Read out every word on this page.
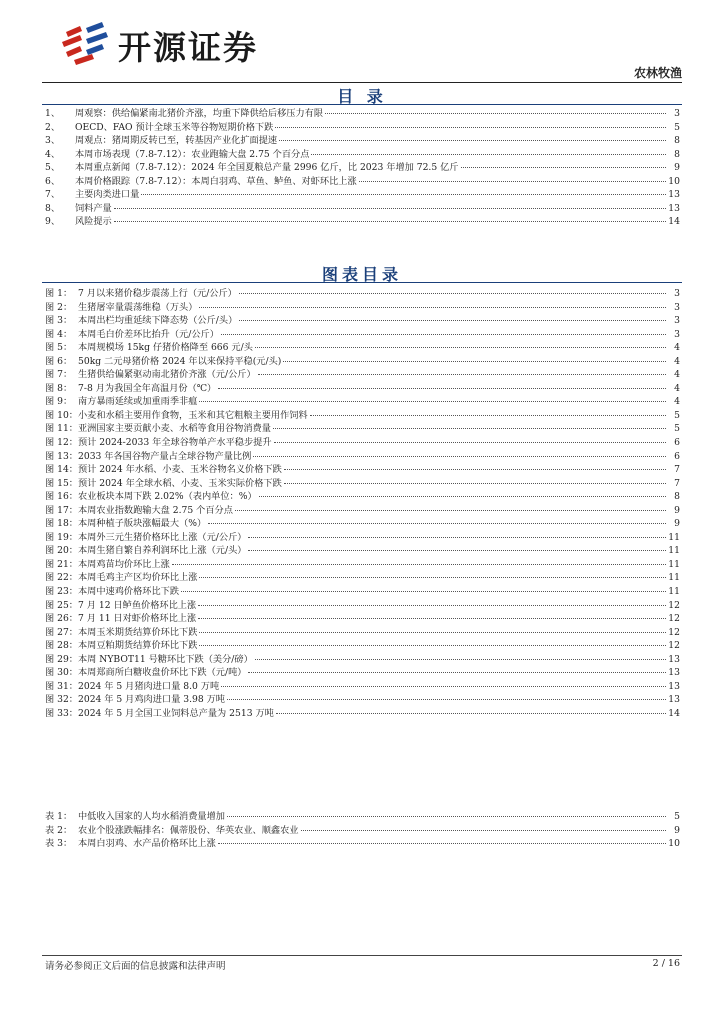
开源证券
农林牧渔
目 录
1、	周观察：供给偏紧南北猪价齐涨，均重下降供给后移压力有限	3
2、	OECD、FAO 预计全球玉米等谷物短期价格下跌	5
3、	周观点：猪周期反转已至，转基因产业化扩面提速	8
4、	本周市场表现（7.8-7.12）：农业跑输大盘 2.75 个百分点	8
5、	本周重点新闻（7.8-7.12）：2024 年全国夏粮总产量 2996 亿斤，比 2023 年增加 72.5 亿斤	9
6、	本周价格跟踪（7.8-7.12）：本周白羽鸡、草鱼、鲈鱼、对虾环比上涨	10
7、	主要肉类进口量	13
8、	饲料产量	13
9、	风险提示	14
图表目录
图 1： 7 月以来猪价稳步震荡上行（元/公斤）	3
图 2： 生猪屠宰量震荡维稳（万头）	3
图 3： 本周出栏均重延续下降态势（公斤/头）	3
图 4： 本周毛白价差环比抬升（元/公斤）	3
图 5： 本周规模场 15kg 仔猪价格降至 666 元/头	4
图 6： 50kg 二元母猪价格 2024 年以来保持平稳(元/头)	4
图 7： 生猪供给偏紧驱动南北猪价齐涨（元/公斤）	4
图 8： 7-8 月为我国全年高温月份（℃）	4
图 9： 南方暴雨延续或加重雨季非瘟	4
图 10： 小麦和水稻主要用作食物，玉米和其它粗粮主要用作饲料	5
图 11： 亚洲国家主要贡献小麦、水稻等食用谷物消费量	5
图 12： 预计 2024-2033 年全球谷物单产水平稳步提升	6
图 13： 2033 年各国谷物产量占全球谷物产量比例	6
图 14： 预计 2024 年水稻、小麦、玉米谷物名义价格下跌	7
图 15： 预计 2024 年全球水稻、小麦、玉米实际价格下跌	7
图 16： 农业板块本周下跌 2.02%（表内单位：%）	8
图 17： 本周农业指数跑输大盘 2.75 个百分点	9
图 18： 本周种植子版块涨幅最大（%）	9
图 19： 本周外三元生猪价格环比上涨（元/公斤）	11
图 20： 本周生猪自繁自养利润环比上涨（元/头）	11
图 21： 本周鸡苗均价环比上涨	11
图 22： 本周毛鸡主产区均价环比上涨	11
图 23： 本周中速鸡价格环比下跌	11
图 25： 7 月 12 日鲈鱼价格环比上涨	12
图 26： 7 月 11 日对虾价格环比上涨	12
图 27： 本周玉米期货结算价环比下跌	12
图 28： 本周豆粕期货结算价环比下跌	12
图 29： 本周 NYBOT11 号糖环比下跌（美分/磅）	13
图 30： 本周郑商所白糖收盘价环比下跌（元/吨）	13
图 31： 2024 年 5 月猪肉进口量 8.0 万吨	13
图 32： 2024 年 5 月鸡肉进口量 3.98 万吨	13
图 33： 2024 年 5 月全国工业饲料总产量为 2513 万吨	14
表 1： 中低收入国家的人均水稻消费量增加	5
表 2： 农业个股涨跌幅排名：佩蒂股份、华英农业、顺鑫农业	9
表 3： 本周白羽鸡、水产品价格环比上涨	10
请务必参阅正文后面的信息披露和法律声明	2 / 16
